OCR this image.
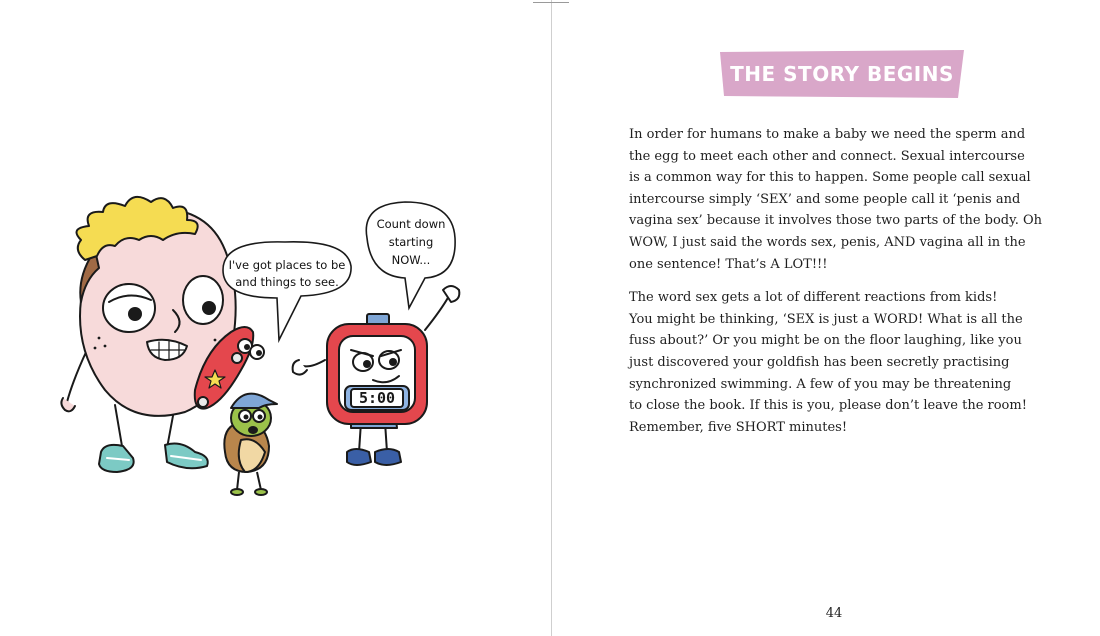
5:00
I've got places to be
and things to see.
Count down
starting
NOW...
THE STORY BEGINS
In order for humans to make a baby we need the sperm and
the egg to meet each other and connect. Sexual intercourse
is a common way for this to happen. Some people call sexual
intercourse simply ‘SEX’ and some people call it ‘penis and
vagina sex’ because it involves those two parts of the body. Oh
WOW, I just said the words sex, penis, AND vagina all in the
one sentence! That’s A LOT!!!
The word sex gets a lot of different reactions from kids!
You might be thinking, ‘SEX is just a WORD! What is all the
fuss about?’ Or you might be on the floor laughing, like you
just discovered your goldfish has been secretly practising
synchronized swimming. A few of you may be threatening
to close the book. If this is you, please don’t leave the room!
Remember, five SHORT minutes!
44
